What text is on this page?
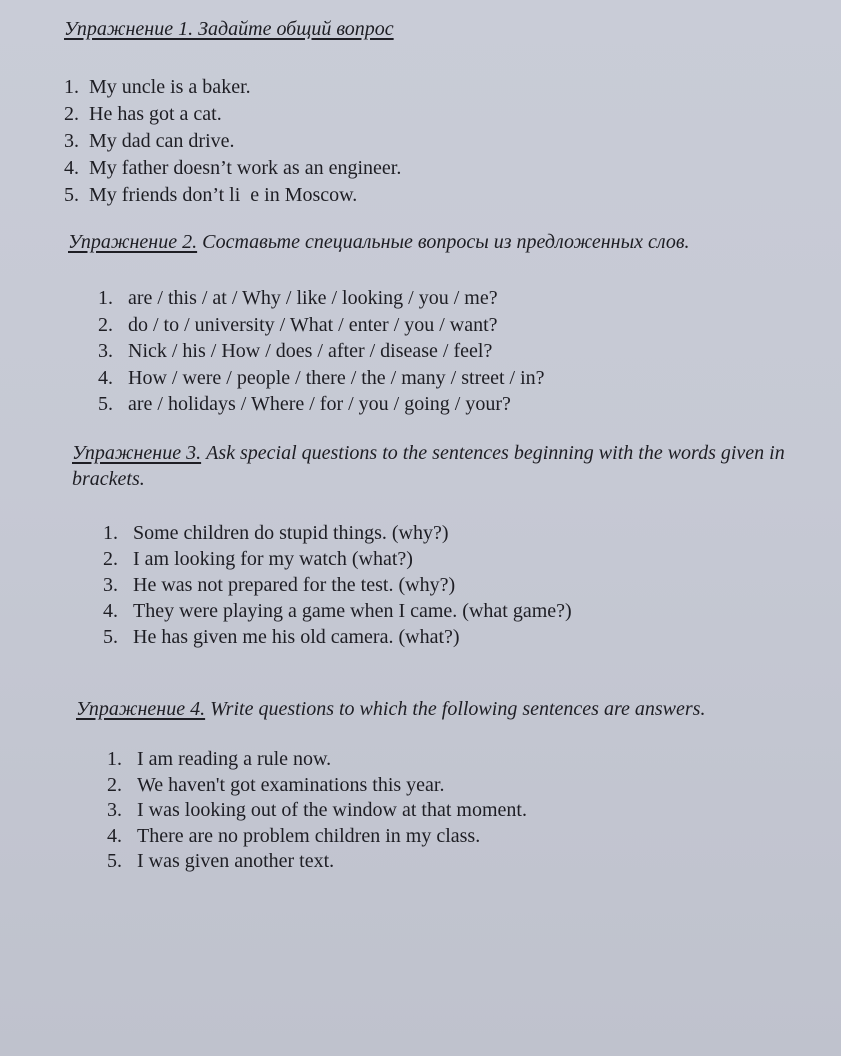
Упражнение 1. Задайте общий вопрос
1. My uncle is a baker.
2. He has got a cat.
3. My dad can drive.
4. My father doesn’t work as an engineer.
5. My friends don’t li  e in Moscow.
Упражнение 2. Составьте специальные вопросы из предложенных слов.
1. are / this / at / Why / like / looking / you / me?
2. do / to / university / What / enter / you / want?
3. Nick / his / How / does / after / disease / feel?
4. How / were / people / there / the / many / street / in?
5. are / holidays / Where / for / you / going / your?
Упражнение 3. Ask special questions to the sentences beginning with the words given in brackets.
1. Some children do stupid things. (why?)
2. I am looking for my watch (what?)
3. He was not prepared for the test. (why?)
4. They were playing a game when I came. (what game?)
5. He has given me his old camera. (what?)
Упражнение 4. Write questions to which the following sentences are answers.
1. I am reading a rule now.
2. We haven't got examinations this year.
3. I was looking out of the window at that moment.
4. There are no problem children in my class.
5. I was given another text.
